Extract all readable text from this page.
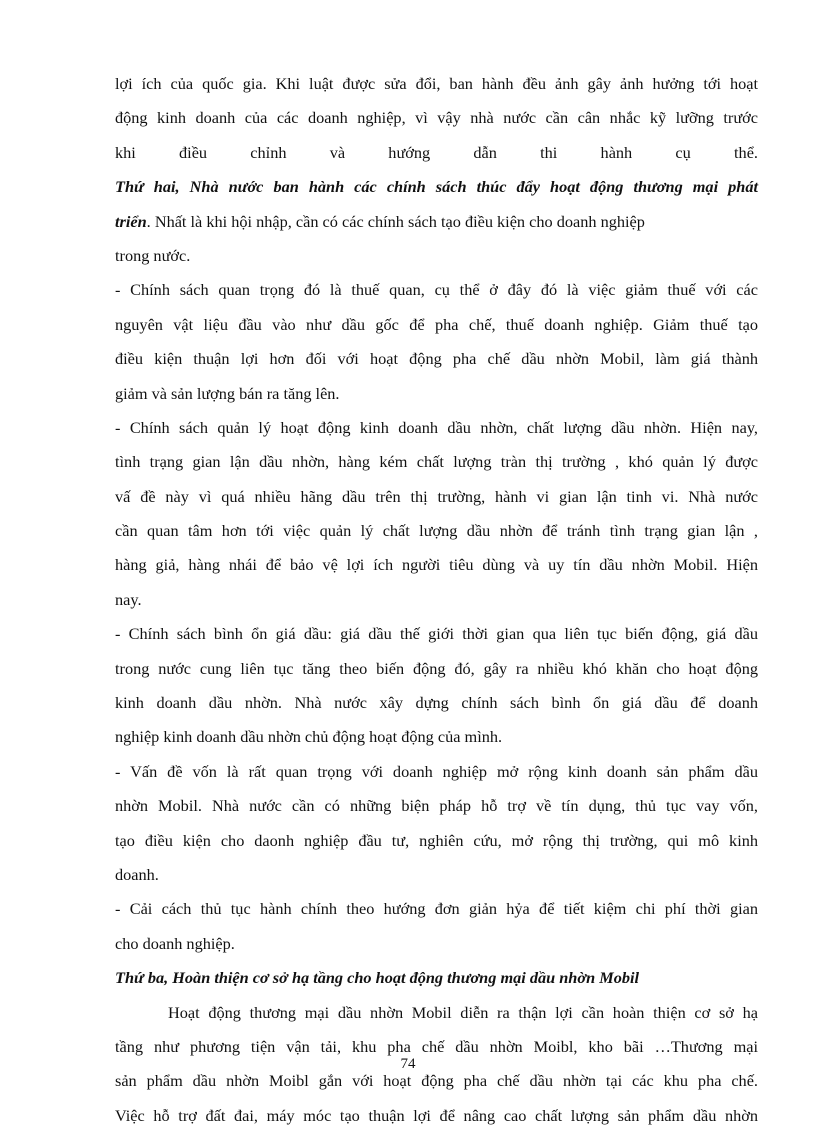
lợi ích của quốc gia. Khi luật được sửa đổi, ban hành đều ảnh gây ảnh hưởng tới hoạt

động kinh doanh của các doanh nghiệp, vì vậy nhà nước cần cân nhắc kỹ lưỡng trước

khi điều chỉnh và hướng dẫn thi hành cụ thể.

Thứ hai, Nhà nước ban hành các chính sách thúc đẩy hoạt động thương mại phát

triển. Nhất là khi hội nhập, cần có các chính sách tạo điều kiện cho doanh nghiệp

trong nước.

- Chính sách quan trọng đó là thuế quan, cụ thể ở đây đó là việc giảm thuế với các

nguyên vật liệu đầu vào như dầu gốc để pha chế, thuế doanh nghiệp. Giảm thuế tạo

điều kiện thuận lợi hơn đối với hoạt động pha chế dầu nhờn Mobil, làm giá thành

giảm và sản lượng bán ra tăng lên.

- Chính sách quản lý hoạt động kinh doanh dầu nhờn, chất lượng dầu nhờn. Hiện nay,

tình trạng gian lận dầu nhờn, hàng kém chất lượng tràn thị trường , khó quản lý được

vấ đề này vì quá nhiều hãng dầu trên thị trường, hành vi gian lận tinh vi. Nhà nước

cần quan tâm hơn tới việc quản lý chất lượng dầu nhờn để tránh tình trạng gian lận ,

hàng giả, hàng nhái để bảo vệ lợi ích người tiêu dùng và uy tín dầu nhờn Mobil. Hiện

nay.

- Chính sách bình ổn giá dầu: giá dầu thế giới thời gian qua liên tục biến động, giá dầu

trong nước cung liên tục tăng theo biến động đó, gây ra nhiều khó khăn cho hoạt động

kinh doanh dầu nhờn. Nhà nước xây dựng chính sách bình ổn giá dầu để doanh

nghiệp kinh doanh dầu nhờn chủ động hoạt động của mình.

- Vấn đề vốn là rất quan trọng với doanh nghiệp mở rộng kinh doanh sản phẩm dầu

nhờn Mobil. Nhà nước cần có những biện pháp hỗ trợ về tín dụng, thủ tục vay vốn,

tạo điều kiện cho daonh nghiệp đầu tư, nghiên cứu, mở rộng thị trường, qui mô kinh

doanh.

- Cải cách thủ tục hành chính theo hướng đơn giản hỷa để tiết kiệm chi phí thời gian

cho doanh nghiệp.

Thứ ba, Hoàn thiện cơ sở hạ tầng cho hoạt động thương mại dầu nhờn Mobil

Hoạt động thương mại dầu nhờn Mobil diễn ra thận lợi cần hoàn thiện cơ sở hạ

tầng như phương tiện vận tải, khu pha chế dầu nhờn Moibl, kho bãi …Thương mại

sản phẩm dầu nhờn Moibl gắn với hoạt động pha chế dầu nhờn tại các khu pha chế.

Việc hỗ trợ đất đai, máy móc tạo thuận lợi để nâng cao chất lượng sản phẩm dầu nhờn

74
